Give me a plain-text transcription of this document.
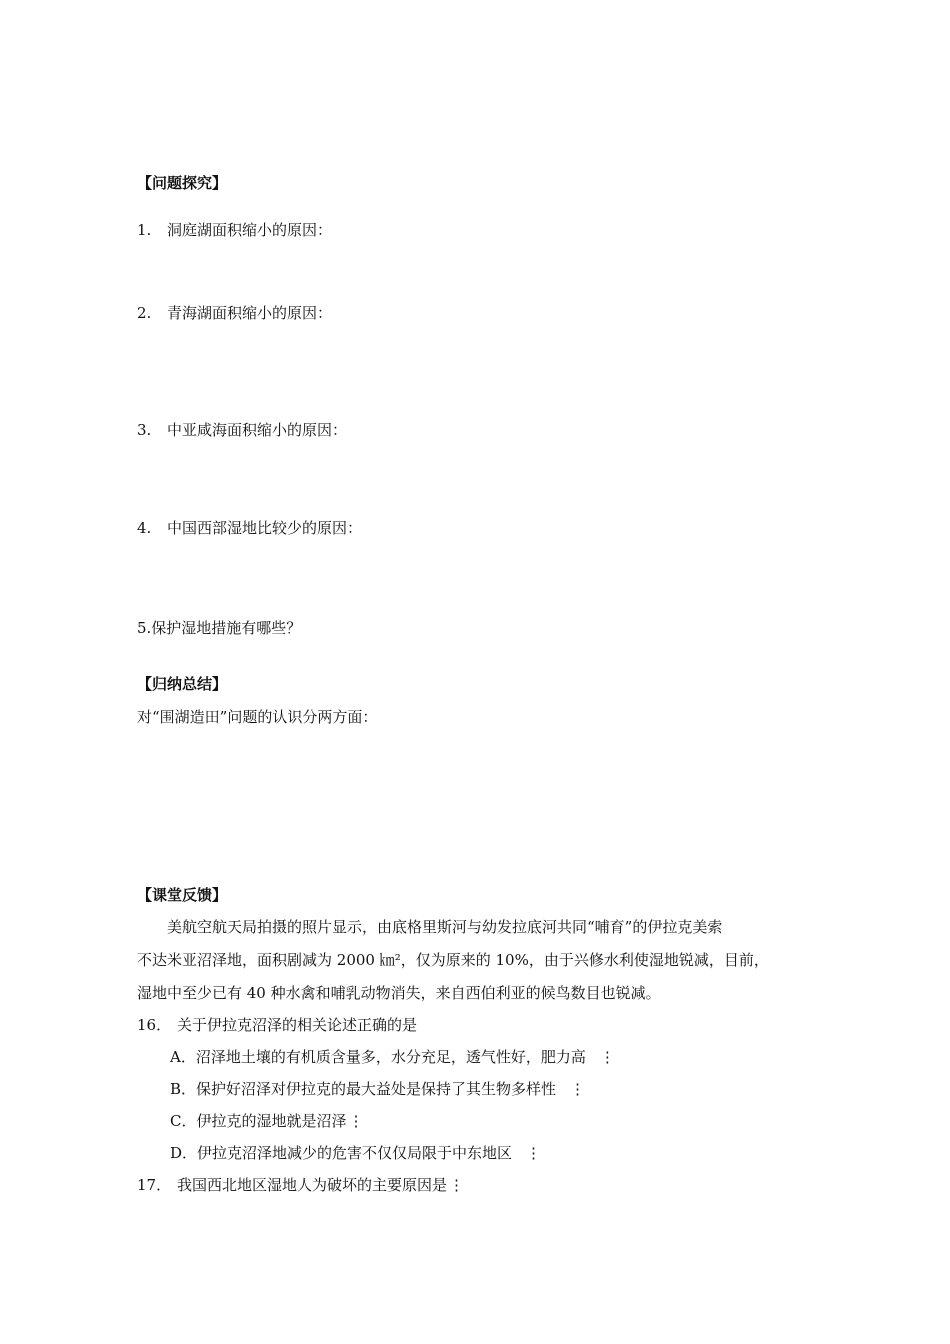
【问题探究】
1. 洞庭湖面积缩小的原因：
2. 青海湖面积缩小的原因：
3. 中亚咸海面积缩小的原因：
4. 中国西部湿地比较少的原因：
5.保护湿地措施有哪些？
【归纳总结】
对“围湖造田”问题的认识分两方面：
【课堂反馈】
美航空航天局拍摄的照片显示，由底格里斯河与幼发拉底河共同“哺育”的伊拉克美索
不达米亚沼泽地，面积剧减为 2000 ㎞²，仅为原来的 10%，由于兴修水利使湿地锐减，目前，
湿地中至少已有 40 种水禽和哺乳动物消失，来自西伯利亚的候鸟数目也锐减。
16． 关于伊拉克沼泽的相关论述正确的是
A．沼泽地土壤的有机质含量多，水分充足，透气性好，肥力高 ⋮
B．保护好沼泽对伊拉克的最大益处是保持了其生物多样性 ⋮
C．伊拉克的湿地就是沼泽 ⋮
D．伊拉克沼泽地减少的危害不仅仅局限于中东地区 ⋮
17． 我国西北地区湿地人为破坏的主要原因是 ⋮
